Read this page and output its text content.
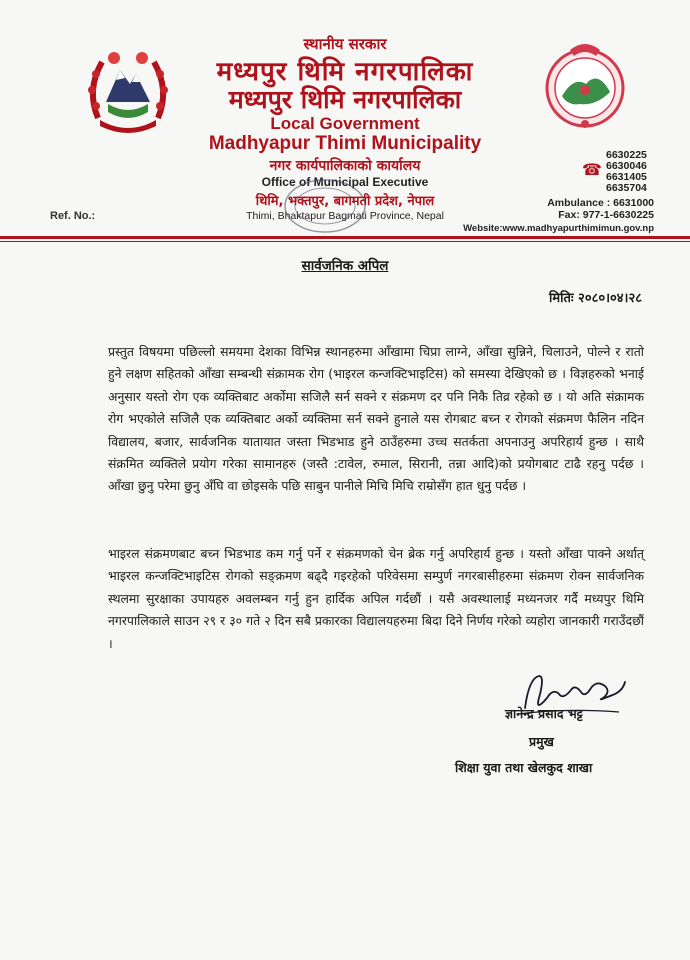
स्थानीय सरकार
मध्यपुर थिमि नगरपालिका
मध्यपुर थिमि नगरपालिका
Local Government
Madhyapur Thimi Municipality
नगर कार्यपालिकाको कार्यालय
Office of Municipal Executive
थिमि, भक्तपुर, बागमती प्रदेश, नेपाल
Thimi, Bhaktapur Bagmati Province, Nepal
Ref. No.:
☎
6630225
6630046
6631405
6635704
Ambulance : 6631000
Fax: 977-1-6630225
Website:www.madhyapurthimimun.gov.np
सार्वजनिक अपिल
मितिः २०८०।०४।२८
प्रस्तुत विषयमा पछिल्लो समयमा देशका विभिन्न स्थानहरुमा आँखामा चिप्रा लाग्ने, आँखा सुन्निने, चिलाउने, पोल्ने र रातो हुने लक्षण सहितको आँखा सम्बन्धी संक्रामक रोग (भाइरल कन्जक्टिभाइटिस) को समस्या देखिएको छ । विज्ञहरुको भनाई अनुसार यस्तो रोग एक व्यक्तिबाट अर्कोमा सजिलै सर्न सक्ने र संक्रमण दर पनि निकै तिव्र रहेको छ । यो अति संक्रामक रोग भएकोले सजिलै एक व्यक्तिबाट अर्को व्यक्तिमा सर्न सक्ने हुनाले यस रोगबाट बच्न र रोगको संक्रमण फैलिन नदिन विद्यालय, बजार, सार्वजनिक यातायात जस्ता भिडभाड हुने ठाउँहरुमा उच्च सतर्कता अपनाउनु अपरिहार्य हुन्छ । साथै संक्रमित व्यक्तिले प्रयोग गरेका सामानहरु (जस्तै :टावेल, रुमाल, सिरानी, तन्ना आदि)को प्रयोगबाट टाढै रहनु पर्दछ । आँखा छुनु परेमा छुनु अँघि वा छोइसके पछि साबुन पानीले मिचि मिचि राम्रोसँग हात धुनु पर्दछ ।
भाइरल संक्रमणबाट बच्न भिडभाड कम गर्नु पर्ने र संक्रमणको चेन ब्रेक गर्नु अपरिहार्य हुन्छ । यस्तो आँखा पाक्ने अर्थात् भाइरल कन्जक्टिभाइटिस रोगको सङ्क्रमण बढ्दै गइरहेको परिवेसमा सम्पुर्ण नगरबासीहरुमा संक्रमण रोक्न सार्वजनिक स्थलमा सुरक्षाका उपायहरु अवलम्बन गर्नु हुन हार्दिक अपिल गर्दछौं । यसै अवस्थालाई मध्यनजर गर्दै मध्यपुर थिमि नगरपालिकाले साउन २९ र ३० गते २ दिन सबै प्रकारका विद्यालयहरुमा बिदा दिने निर्णय गरेको व्यहोरा जानकारी गराउँदछौं ।
ज्ञानेन्द्र प्रसाद भट्ट
प्रमुख
शिक्षा युवा तथा खेलकुद शाखा
